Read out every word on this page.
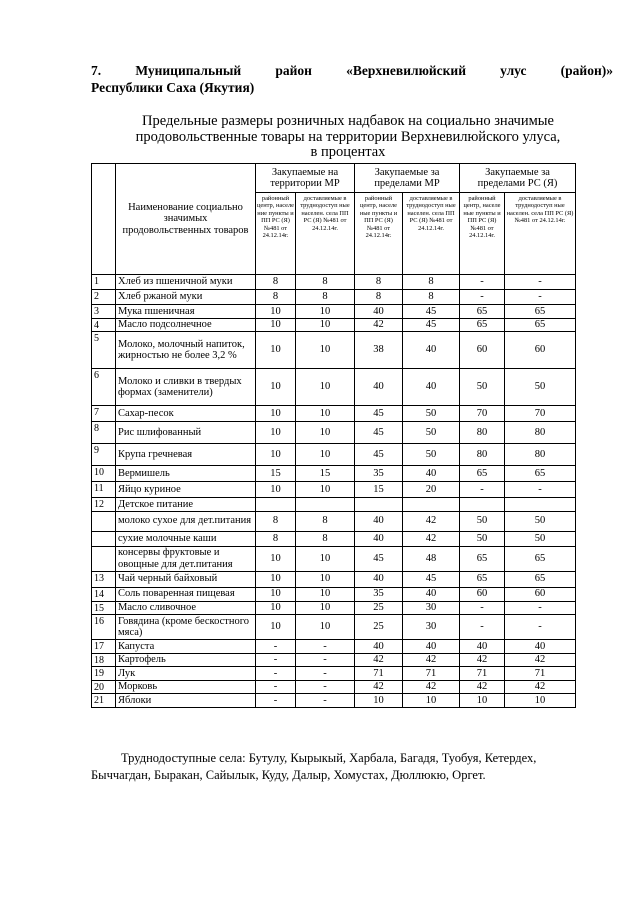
7. Муниципальный район «Верхневилюйский улус (район)»
Республики Саха (Якутия)
Предельные размеры розничных надбавок на социально значимые
продовольственные товары на территории Верхневилюйского улуса,
в процентах
	Наименование социально значимых продовольственных товаров	Закупаемые на территории МР		Закупаемые за пределами МР		Закупаемые за пределами РС (Я)	
		районный центр, населе ние пункты и ПП РС (Я) №481 от 24.12.14г.	доставляемые в труднодоступ ные населен. села ПП РС (Я) №481 от 24.12.14г.	районный центр, населе ные пункты и ПП РС (Я) №481 от 24.12.14г.	доставляемые в труднодоступ ные населен. села ПП РС (Я) №481 от 24.12.14г.	районный центр, населе ные пункты и ПП РС (Я) №481 от 24.12.14г.	доставляемые в труднодоступ ные населен. села ПП РС (Я) №481 от 24.12.14г.
1	Хлеб из пшеничной муки	8	8	8	8	-	-
2	Хлеб ржаной муки	8	8	8	8	-	-
3	Мука пшеничная	10	10	40	45	65	65
4	Масло подсолнечное	10	10	42	45	65	65
5	Молоко, молочный напиток, жирностью не более 3,2 %	10	10	38	40	60	60
6	Молоко и сливки в твердых формах (заменители)	10	10	40	40	50	50
7	Сахар-песок	10	10	45	50	70	70
8	Рис шлифованный	10	10	45	50	80	80
9	Крупа гречневая	10	10	45	50	80	80
10	Вермишель	15	15	35	40	65	65
11	Яйцо куриное	10	10	15	20	-	-
12	Детское питание						
	молоко сухое для дет.питания	8	8	40	42	50	50
	сухие молочные каши	8	8	40	42	50	50
	консервы фруктовые и овощные для дет.питания	10	10	45	48	65	65
13	Чай черный байховый	10	10	40	45	65	65
14	Соль поваренная пищевая	10	10	35	40	60	60
15	Масло сливочное	10	10	25	30	-	-
16	Говядина (кроме бескостного мяса)	10	10	25	30	-	-
17	Капуста	-	-	40	40	40	40
18	Картофель	-	-	42	42	42	42
19	Лук	-	-	71	71	71	71
20	Морковь	-	-	42	42	42	42
21	Яблоки	-	-	10	10	10	10
Труднодоступные села: Бутулу, Кырыкый, Харбала, Багадя, Туобуя, Кетердех, Быччагдан, Быракан, Сайылык, Куду, Далыр, Хомустах, Дюллюкю, Оргет.
